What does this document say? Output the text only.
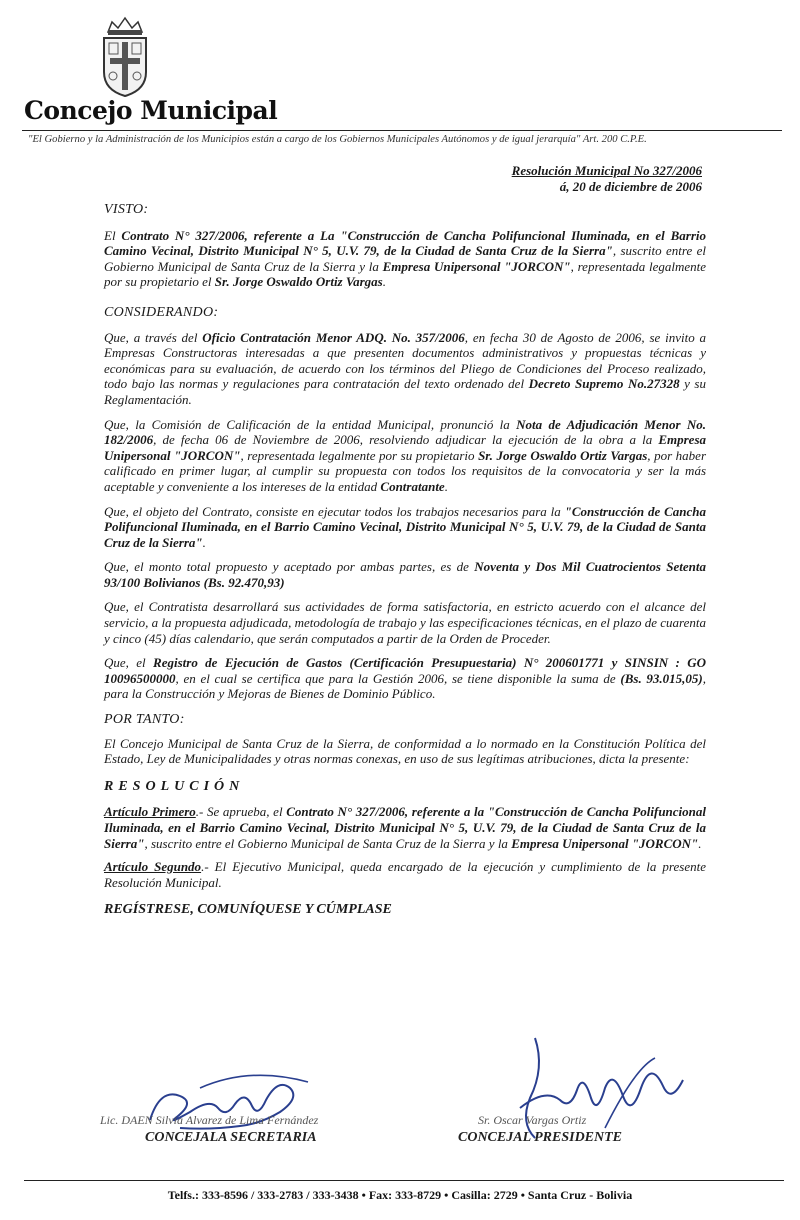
Concejo Municipal
"El Gobierno y la Administración de los Municipios están a cargo de los Gobiernos Municipales Autónomos y de igual jerarquía" Art. 200 C.P.E.
Resolución Municipal No 327/2006
á, 20 de diciembre de 2006

VISTO:

El Contrato N° 327/2006, referente a La "Construcción de Cancha Polifuncional Iluminada, en el Barrio Camino Vecinal, Distrito Municipal N° 5, U.V. 79, de la Ciudad de Santa Cruz de la Sierra", suscrito entre el Gobierno Municipal de Santa Cruz de la Sierra y la Empresa Unipersonal "JORCON", representada legalmente por su propietario el Sr. Jorge Oswaldo Ortiz Vargas.

CONSIDERANDO:

Que, a través del Oficio Contratación Menor ADQ. No. 357/2006, en fecha 30 de Agosto de 2006, se invito a Empresas Constructoras interesadas a que presenten documentos administrativos y propuestas técnicas y económicas para su evaluación, de acuerdo con los términos del Pliego de Condiciones del Proceso realizado, todo bajo las normas y regulaciones para contratación del texto ordenado del Decreto Supremo No.27328 y su Reglamentación.

Que, la Comisión de Calificación de la entidad Municipal, pronunció la Nota de Adjudicación Menor No. 182/2006, de fecha 06 de Noviembre de 2006, resolviendo adjudicar la ejecución de la obra a la Empresa Unipersonal "JORCON", representada legalmente por su propietario Sr. Jorge Oswaldo Ortiz Vargas, por haber calificado en primer lugar, al cumplir su propuesta con todos los requisitos de la convocatoria y ser la más aceptable y conveniente a los intereses de la entidad Contratante.

Que, el objeto del Contrato, consiste en ejecutar todos los trabajos necesarios para la "Construcción de Cancha Polifuncional Iluminada, en el Barrio Camino Vecinal, Distrito Municipal N° 5, U.V. 79, de la Ciudad de Santa Cruz de la Sierra".

Que, el monto total propuesto y aceptado por ambas partes, es de Noventa y Dos Mil Cuatrocientos Setenta 93/100 Bolivianos (Bs. 92.470,93)

Que, el Contratista desarrollará sus actividades de forma satisfactoria, en estricto acuerdo con el alcance del servicio, a la propuesta adjudicada, metodología de trabajo y las especificaciones técnicas, en el plazo de cuarenta y cinco (45) días calendario, que serán computados a partir de la Orden de Proceder.

Que, el Registro de Ejecución de Gastos (Certificación Presupuestaria) N° 200601771 y SINSIN : GO 10096500000, en el cual se certifica que para la Gestión 2006, se tiene disponible la suma de (Bs. 93.015,05), para la Construcción y Mejoras de Bienes de Dominio Público.

POR TANTO:

El Concejo Municipal de Santa Cruz de la Sierra, de conformidad a lo normado en la Constitución Política del Estado, Ley de Municipalidades y otras normas conexas, en uso de sus legítimas atribuciones, dicta la presente:

RESOLUCIÓN

Artículo Primero.- Se aprueba, el Contrato N° 327/2006, referente a la "Construcción de Cancha Polifuncional Iluminada, en el Barrio Camino Vecinal, Distrito Municipal N° 5, U.V. 79, de la Ciudad de Santa Cruz de la Sierra", suscrito entre el Gobierno Municipal de Santa Cruz de la Sierra y la Empresa Unipersonal "JORCON".

Artículo Segundo.- El Ejecutivo Municipal, queda encargado de la ejecución y cumplimiento de la presente Resolución Municipal.

REGÍSTRESE, COMUNÍQUESE Y CÚMPLASE

Lic. DAEN Silvia Alvarez de Lima Fernández
CONCEJALA SECRETARIA
Sr. Oscar Vargas Ortiz
CONCEJAL PRESIDENTE
Telfs.: 333-8596 / 333-2783 / 333-3438 • Fax: 333-8729 • Casilla: 2729 • Santa Cruz - Bolivia
